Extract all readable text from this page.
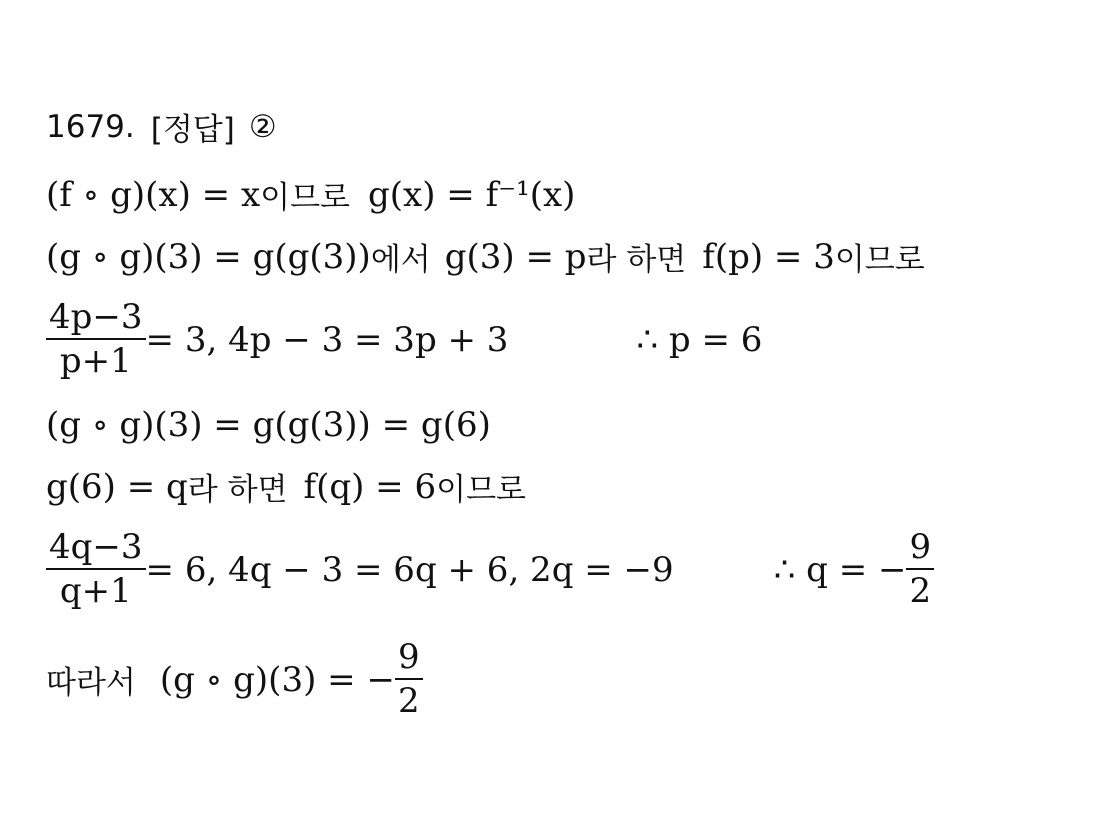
1679. [정답] ②
(f ∘ g)(x) = x 이므로 g(x) = f⁻¹(x)
(g ∘ g)(3) = g(g(3)) 에서 g(3) = p 라 하면 f(p) = 3 이므로
$\frac{4p-3}{p+1} = 3$, 4p − 3 = 3p + 3	∴ p = 6
(g ∘ g)(3) = g(g(3)) = g(6)
g(6) = q 라 하면 f(q) = 6 이므로
$\frac{4q-3}{q+1} = 6$, 4q − 3 = 6q + 6, 2q = −9	∴ q = − $\frac{9}{2}$
따라서 (g ∘ g)(3) = − $\frac{9}{2}$
